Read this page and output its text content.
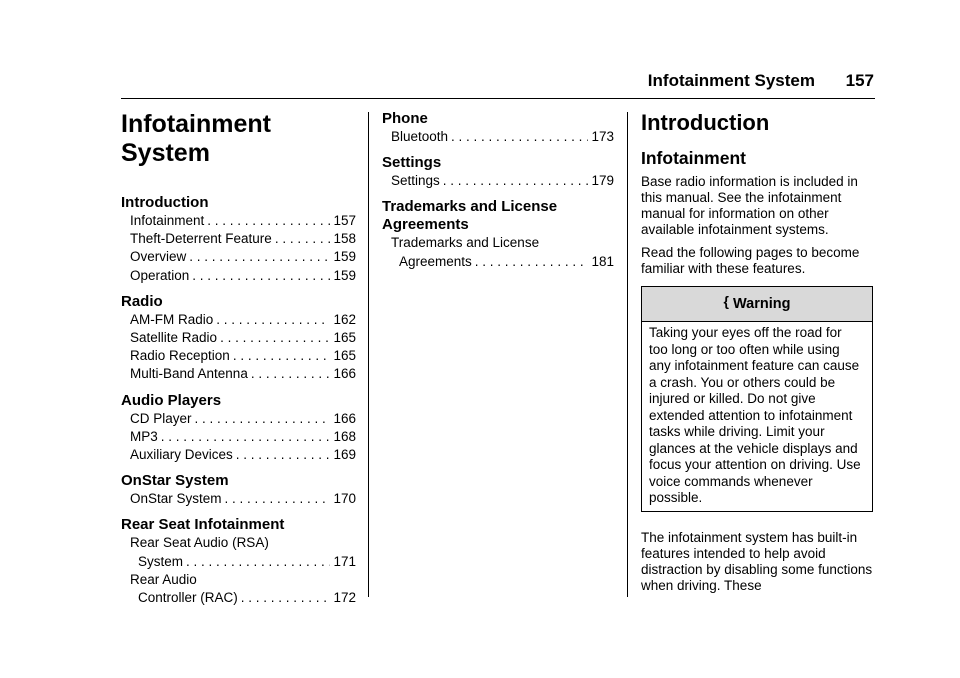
Infotainment System	157
Infotainment
System
Introduction
Infotainment . . .	157
Theft-Deterrent Feature . . .	158
Overview . . .	159
Operation . . .	159
Radio
AM-FM Radio . . .	162
Satellite Radio . . .	165
Radio Reception . . .	165
Multi-Band Antenna . . .	166
Audio Players
CD Player . . .	166
MP3 . . .	168
Auxiliary Devices . . .	169
OnStar System
OnStar System . . .	170
Rear Seat Infotainment
Rear Seat Audio (RSA)
System . . .	171
Rear Audio
Controller (RAC) . . .	172
Phone
Bluetooth . . .	173
Settings
Settings . . .	179
Trademarks and License
Agreements
Trademarks and License
Agreements . . .	181
Introduction
Infotainment

Base radio information is included in this manual. See the infotainment manual for information on other available infotainment systems.

Read the following pages to become familiar with these features.

{ Warning
Taking your eyes off the road for too long or too often while using any infotainment feature can cause a crash. You or others could be injured or killed. Do not give extended attention to infotainment tasks while driving. Limit your glances at the vehicle displays and focus your attention on driving. Use voice commands whenever possible.

The infotainment system has built-in features intended to help avoid distraction by disabling some functions when driving. These
